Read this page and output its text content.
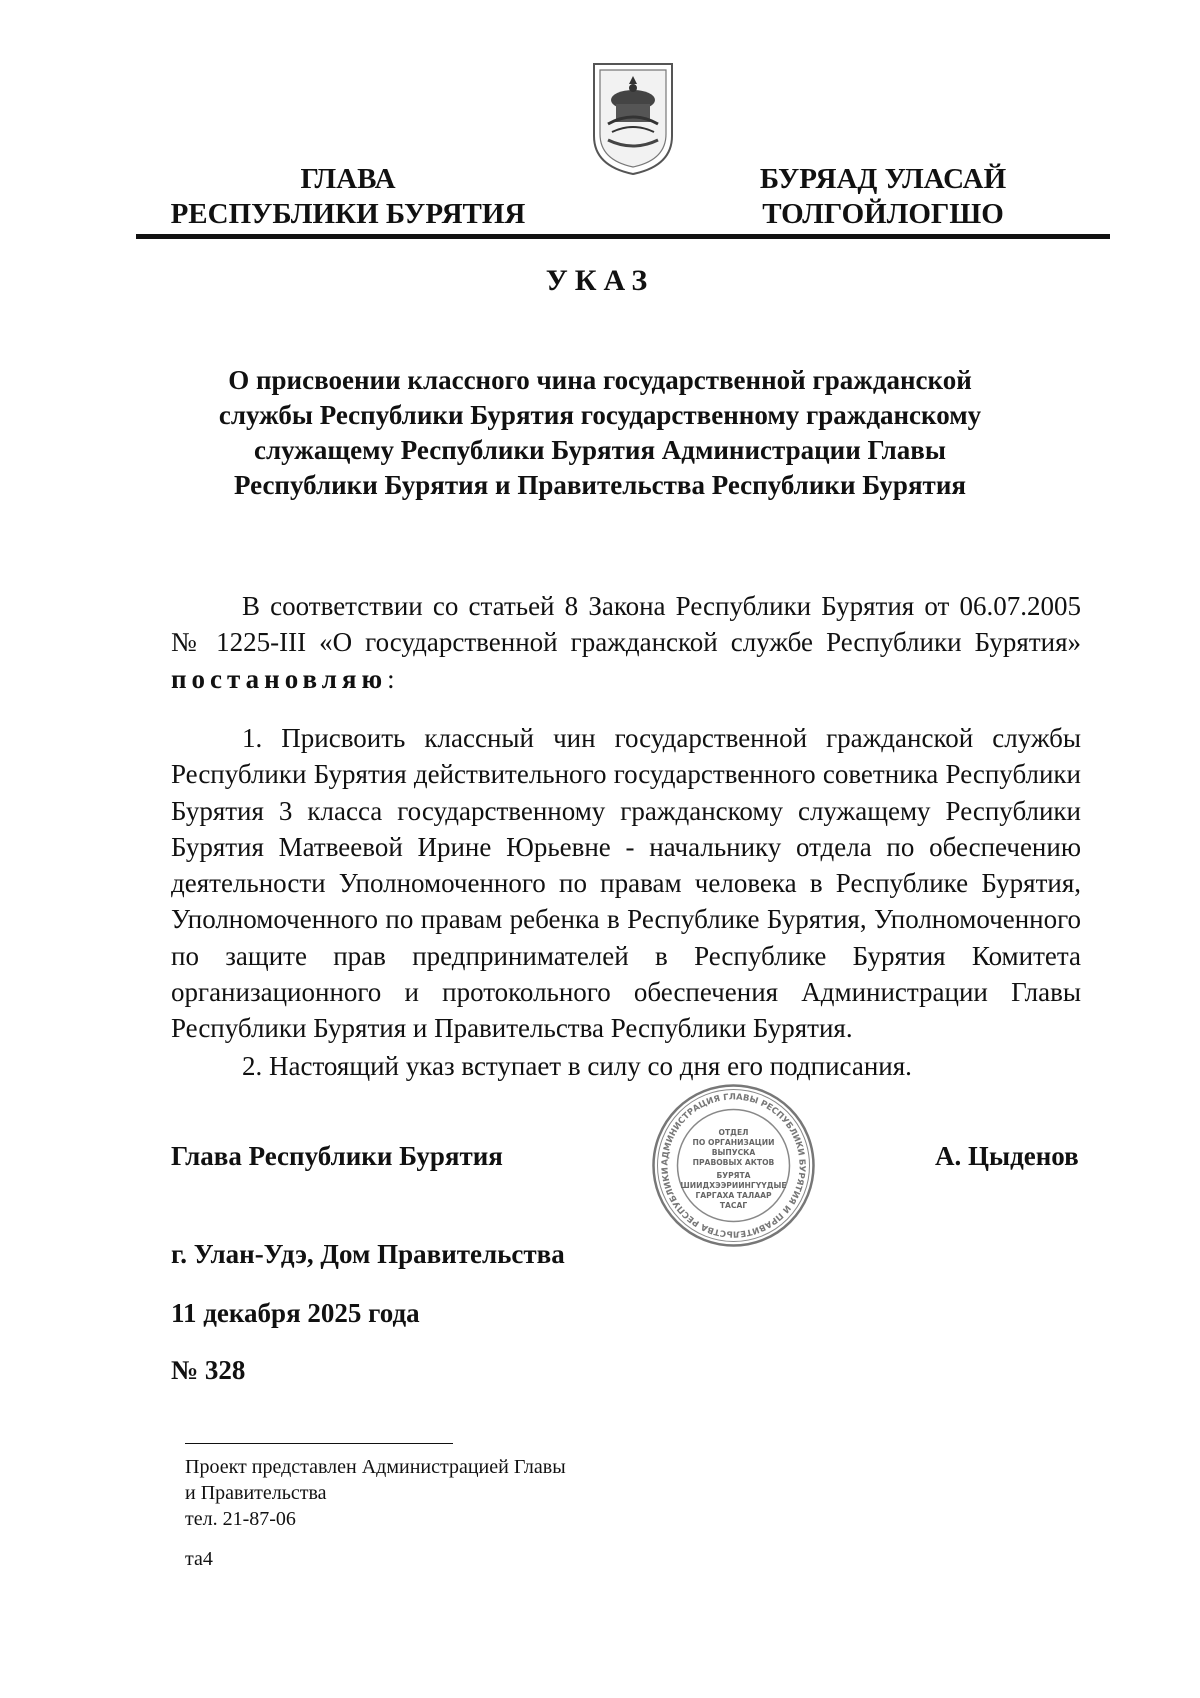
ГЛАВА
РЕСПУБЛИКИ БУРЯТИЯ
БУРЯАД УЛАСАЙ
ТОЛГОЙЛОГШО
УКАЗ
О присвоении классного чина государственной гражданской службы Республики Бурятия государственному гражданскому служащему Республики Бурятия Администрации Главы Республики Бурятия и Правительства Республики Бурятия
В соответствии со статьей 8 Закона Республики Бурятия от 06.07.2005 № 1225-III «О государственной гражданской службе Республики Бурятия» постановляю:
1. Присвоить классный чин государственной гражданской службы Республики Бурятия действительного государственного советника Республики Бурятия 3 класса государственному гражданскому служащему Республики Бурятия Матвеевой Ирине Юрьевне - начальнику отдела по обеспечению деятельности Уполномоченного по правам человека в Республике Бурятия, Уполномоченного по правам ребенка в Республике Бурятия, Уполномоченного по защите прав предпринимателей в Республике Бурятия Комитета организационного и протокольного обеспечения Администрации Главы Республики Бурятия и Правительства Республики Бурятия.
2. Настоящий указ вступает в силу со дня его подписания.
Глава Республики Бурятия	А. Цыденов
АДМИНИСТРАЦИЯ ГЛАВЫ РЕСПУБЛИКИ БУРЯТИЯ И ПРАВИТЕЛЬСТВА РЕСПУБЛИКИ
ОТДЕЛ
ПО ОРГАНИЗАЦИИ
ВЫПУСКА
ПРАВОВЫХ АКТОВ
БУРЯТА
ШИИДХЭЭРИИНГҮҮДЫЕ
ГАРГАХА ТАЛААР
ТАСАГ
г. Улан-Удэ, Дом Правительства
11 декабря 2025 года
№ 328
Проект представлен Администрацией Главы
и Правительства
тел. 21-87-06
та4
